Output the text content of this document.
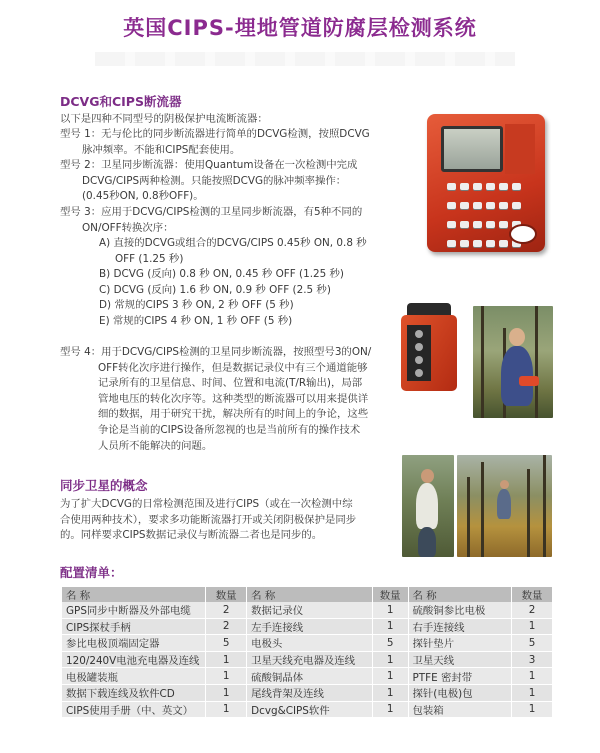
英国CIPS-埋地管道防腐层检测系统
DCVG和CIPS断流器
以下是四种不同型号的阴极保护电流断流器：
型号 1：无与伦比的同步断流器进行简单的DCVG检测，按照DCVG
脉冲频率。不能和CIPS配套使用。
型号 2：卫星同步断流器：使用Quantum设备在一次检测中完成
DCVG/CIPS两种检测。只能按照DCVG的脉冲频率操作：
(0.45秒ON, 0.8秒OFF)。
型号 3：应用于DCVG/CIPS检测的卫星同步断流器，有5种不同的
ON/OFF转换次序：
A) 直接的DCVG或组合的DCVG/CIPS 0.45秒 ON, 0.8 秒
OFF (1.25 秒)
B) DCVG (反向) 0.8 秒 ON, 0.45 秒 OFF (1.25 秒)
C) DCVG (反向) 1.6 秒 ON, 0.9 秒 OFF (2.5 秒)
D) 常规的CIPS 3 秒 ON, 2 秒 OFF (5 秒)
E) 常规的CIPS 4 秒 ON, 1 秒 OFF (5 秒)
型号 4：用于DCVG/CIPS检测的卫星同步断流器，按照型号3的ON/
OFF转化次序进行操作，但是数据记录仪中有三个通道能够
记录所有的卫星信息、时间、位置和电流(T/R输出)，局部
管地电压的转化次序等。这种类型的断流器可以用来提供详
细的数据，用于研究干扰，解决所有的时间上的争论，这些
争论是当前的CIPS设备所忽视的也是当前所有的操作技术
人员所不能解决的问题。
同步卫星的概念
为了扩大DCVG的日常检测范围及进行CIPS（或在一次检测中综
合使用两种技术），要求多功能断流器打开或关闭阴极保护是同步
的。同样要求CIPS数据记录仪与断流器二者也是同步的。
配置清单：
名 称	数量	名 称	数量	名 称	数量
GPS同步中断器及外部电缆	2	数据记录仪	1	硫酸铜参比电极	2
CIPS探杖手柄	2	左手连接线	1	右手连接线	1
参比电极顶端固定器	5	电极头	5	探针垫片	5
120/240V电池充电器及连线	1	卫星天线充电器及连线	1	卫星天线	3
电极罐装瓶	1	硫酸铜晶体	1	PTFE 密封带	1
数据下载连线及软件CD	1	尾线背架及连线	1	探针(电极)包	1
CIPS使用手册（中、英文）	1	Dcvg&CIPS软件	1	包装箱	1
